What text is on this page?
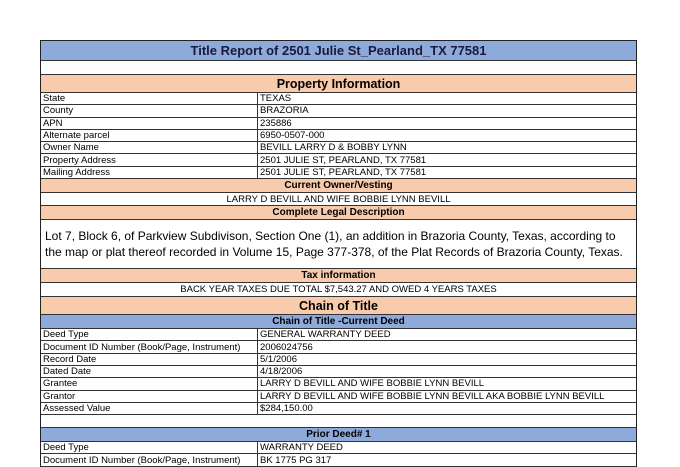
Title Report of 2501 Julie St_Pearland_TX 77581
Property Information
State	TEXAS
County	BRAZORIA
APN	235886
Alternate parcel	6950-0507-000
Owner Name	BEVILL LARRY D & BOBBY LYNN
Property Address	2501 JULIE ST, PEARLAND, TX 77581
Mailing Address	2501 JULIE ST, PEARLAND, TX 77581
Current Owner/Vesting
LARRY D BEVILL AND WIFE BOBBIE LYNN BEVILL
Complete Legal Description
Lot 7, Block 6, of Parkview Subdivison, Section One (1), an addition in Brazoria County, Texas, according to the map or plat thereof recorded in Volume 15, Page 377-378, of the Plat Records of Brazoria County, Texas.
Tax information
BACK YEAR TAXES DUE TOTAL $7,543.27 AND OWED 4 YEARS TAXES
Chain of Title
Chain of Title -Current Deed
Deed Type	GENERAL WARRANTY DEED
Document ID Number (Book/Page, Instrument)	2006024756
Record Date	5/1/2006
Dated Date	4/18/2006
Grantee	LARRY D BEVILL AND WIFE BOBBIE LYNN BEVILL
Grantor	LARRY D BEVILL AND WIFE BOBBIE LYNN BEVILL AKA BOBBIE LYNN BEVILL
Assessed Value	$284,150.00
Prior Deed# 1
Deed Type	WARRANTY DEED
Document ID Number (Book/Page, Instrument)	BK 1775 PG 317
